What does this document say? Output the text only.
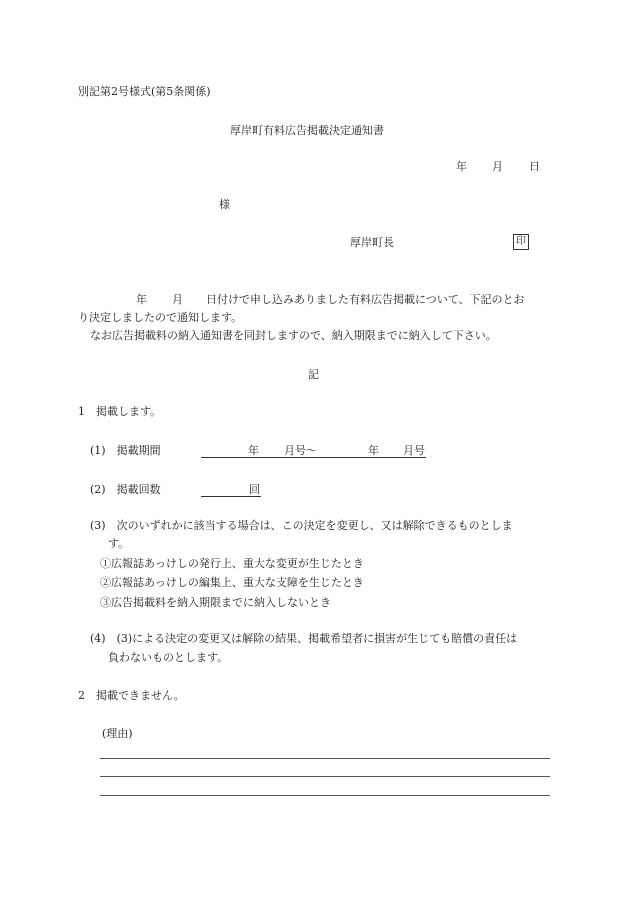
別記第2号様式(第5条関係)
厚岸町有料広告掲載決定通知書
年 月 日
様
厚岸町長	印
年 月 日付けで申し込みありました有料広告掲載について、下記のとお
り決定しましたので通知します。
なお広告掲載料の納入通知書を同封しますので、納入期限までに納入して下さい。
記
1　掲載します。
(1)　掲載期間	年 月号～	年 月号
(2)　掲載回数	回
(3)　次のいずれかに該当する場合は、この決定を変更し、又は解除できるものとしま
す。
①広報誌あっけしの発行上、重大な変更が生じたとき
②広報誌あっけしの編集上、重大な支障を生じたとき
③広告掲載料を納入期限までに納入しないとき
(4)　(3)による決定の変更又は解除の結果、掲載希望者に損害が生じても賠償の責任は
負わないものとします。
2　掲載できません。
(理由)
